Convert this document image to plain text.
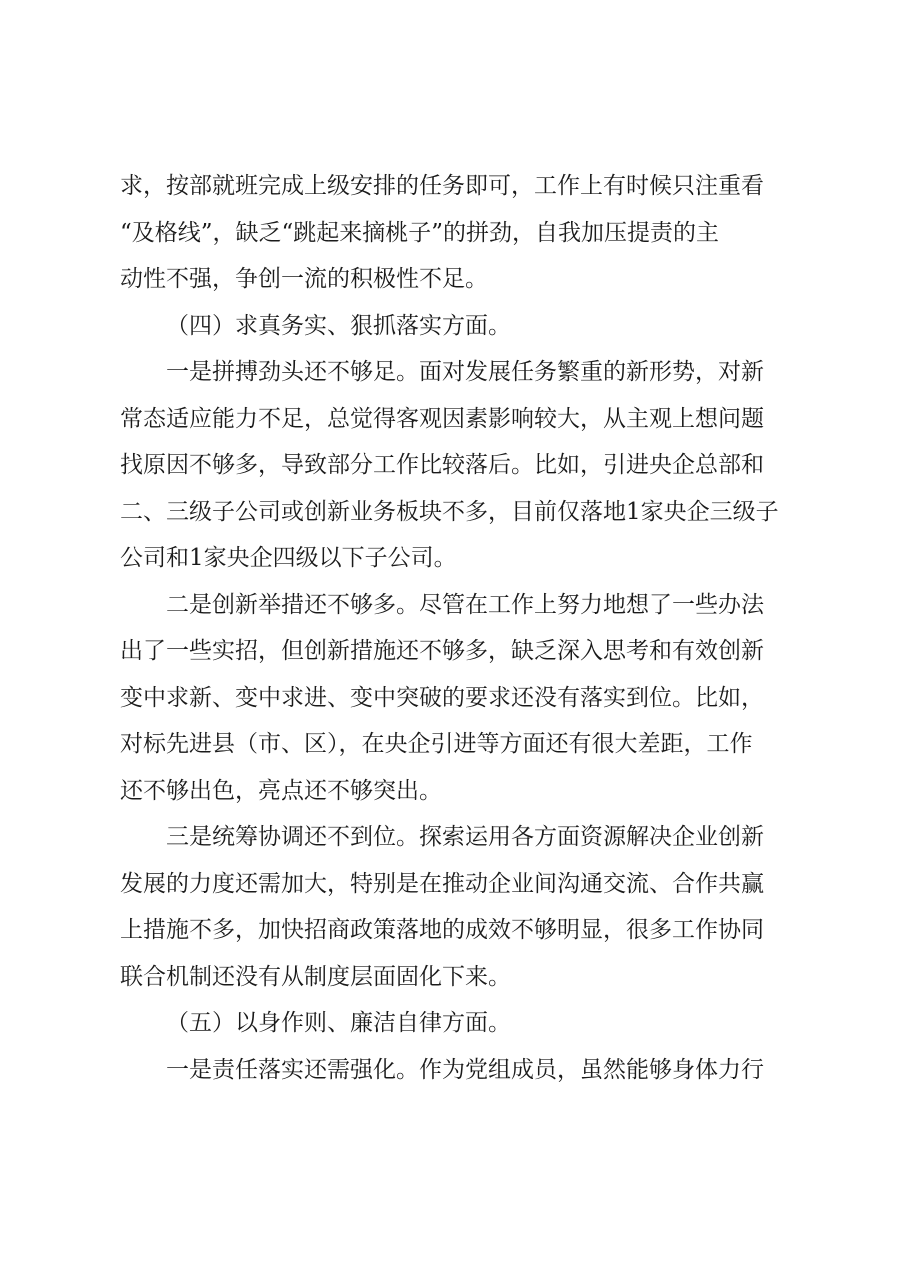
求，按部就班完成上级安排的任务即可，工作上有时候只注重看
“及格线”，缺乏“跳起来摘桃子”的拼劲，自我加压提责的主
动性不强，争创一流的积极性不足。

（四）求真务实、狠抓落实方面。

一是拼搏劲头还不够足。面对发展任务繁重的新形势，对新
常态适应能力不足，总觉得客观因素影响较大，从主观上想问题
找原因不够多，导致部分工作比较落后。比如，引进央企总部和
二、三级子公司或创新业务板块不多，目前仅落地1家央企三级子
公司和1家央企四级以下子公司。

二是创新举措还不够多。尽管在工作上努力地想了一些办法
出了一些实招，但创新措施还不够多，缺乏深入思考和有效创新
变中求新、变中求进、变中突破的要求还没有落实到位。比如，
对标先进县（市、区），在央企引进等方面还有很大差距，工作
还不够出色，亮点还不够突出。

三是统筹协调还不到位。探索运用各方面资源解决企业创新
发展的力度还需加大，特别是在推动企业间沟通交流、合作共赢
上措施不多，加快招商政策落地的成效不够明显，很多工作协同
联合机制还没有从制度层面固化下来。

（五）以身作则、廉洁自律方面。

一是责任落实还需强化。作为党组成员，虽然能够身体力行
